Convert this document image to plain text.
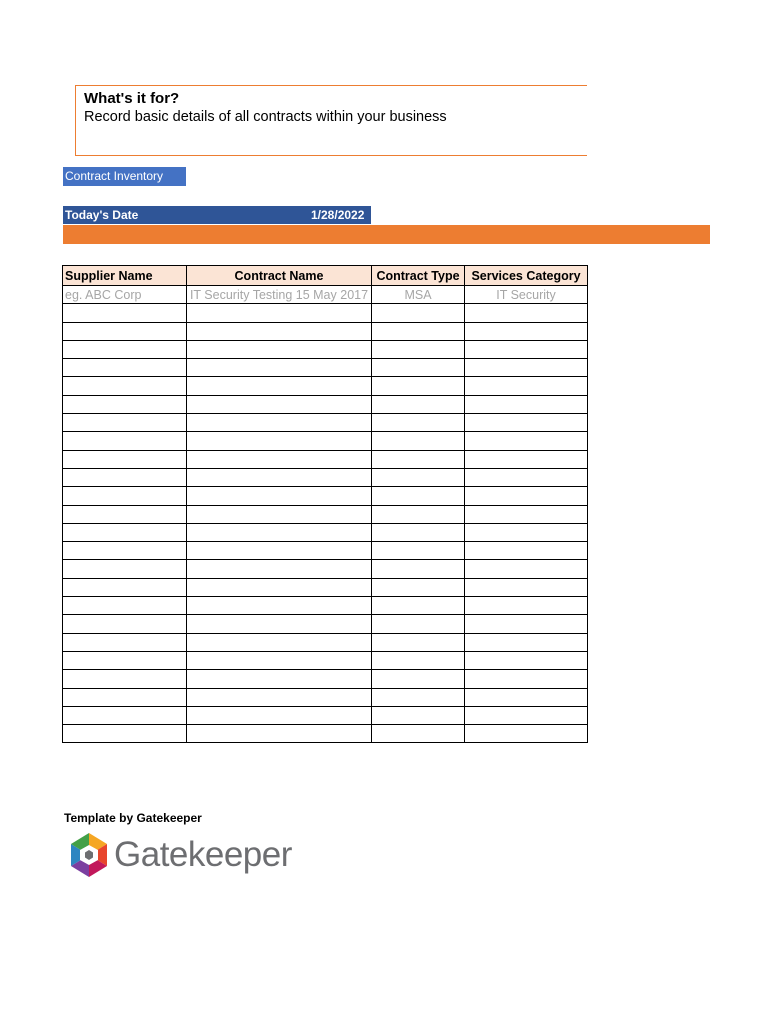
What's it for?
Record basic details of all contracts within your business
Contract Inventory
Today's Date	1/28/2022
Supplier Name	Contract Name	Contract Type	Services Category
eg. ABC Corp	IT Security Testing 15 May 2017	MSA	IT Security

Template by Gatekeeper
Gatekeeper
